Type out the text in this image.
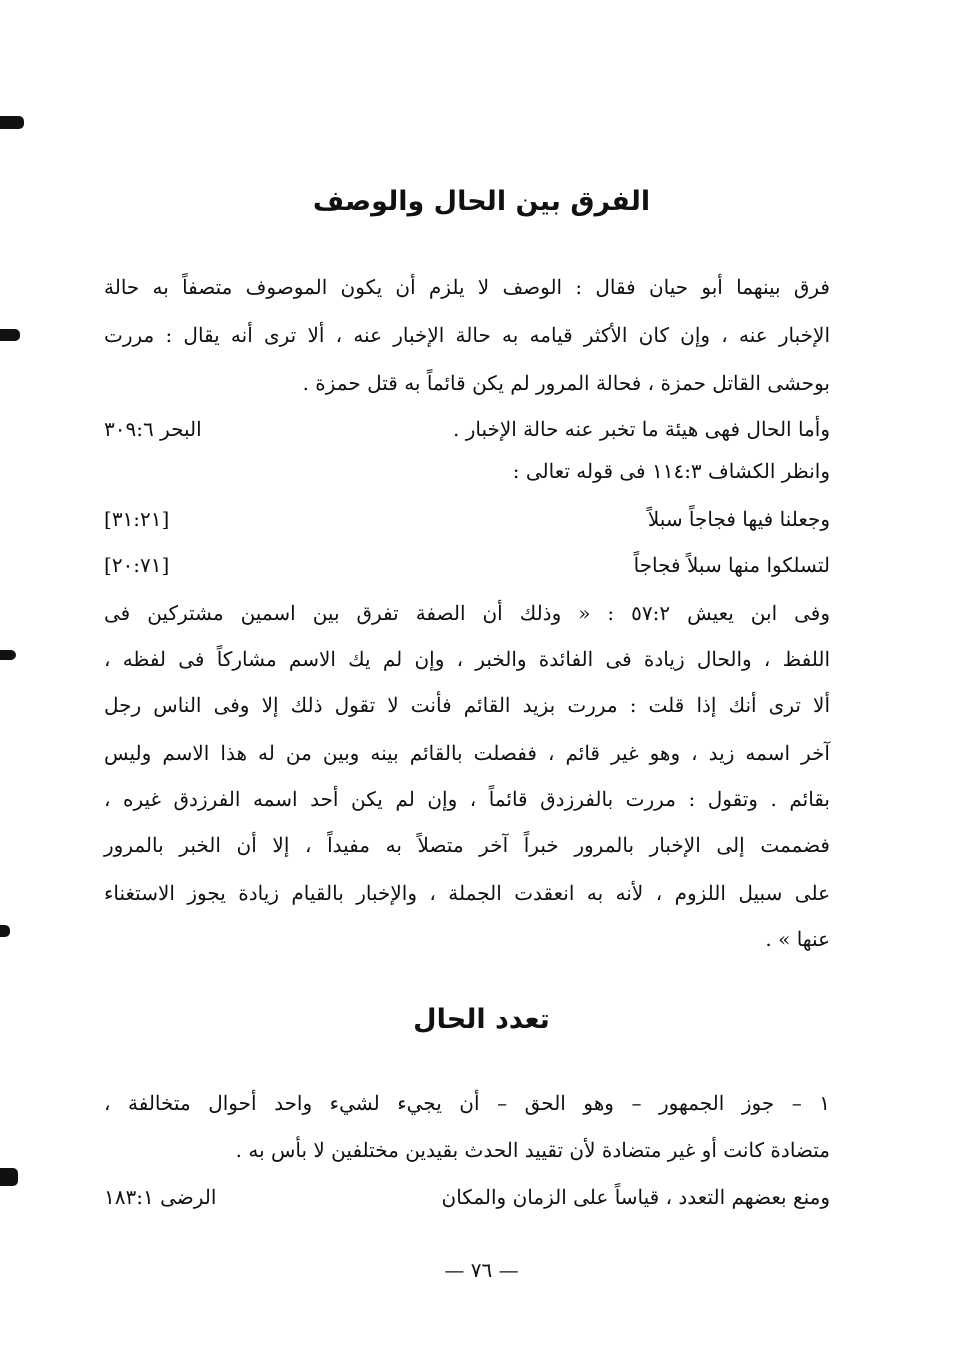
الفرق بين الحال والوصف

فرق بينهما أبو حيان فقال : الوصف لا يلزم أن يكون الموصوف متصفاً به حالة

الإخبار عنه ، وإن كان الأكثر قيامه به حالة الإخبار عنه ، ألا ترى أنه يقال : مررت

بوحشى القاتل حمزة ، فحالة المرور لم يكن قائماً به قتل حمزة .

وأما الحال فهى هيئة ما تخبر عنه حالة الإخبار .
البحر ٣٠٩:٦

وانظر الكشاف ١١٤:٣ فى قوله تعالى :

وجعلنا فيها فجاجاً سبلاً
[٣١:٢١]
لتسلكوا منها سبلاً فجاجاً
[٢٠:٧١]

وفى ابن يعيش ٥٧:٢ : « وذلك أن الصفة تفرق بين اسمين مشتركين فى

اللفظ ، والحال زيادة فى الفائدة والخبر ، وإن لم يك الاسم مشاركاً فى لفظه ،

ألا ترى أنك إذا قلت : مررت بزيد القائم فأنت لا تقول ذلك إلا وفى الناس رجل

آخر اسمه زيد ، وهو غير قائم ، ففصلت بالقائم بينه وبين من له هذا الاسم وليس

بقائم . وتقول : مررت بالفرزدق قائماً ، وإن لم يكن أحد اسمه الفرزدق غيره ،

فضممت إلى الإخبار بالمرور خبراً آخر متصلاً به مفيداً ، إلا أن الخبر بالمرور

على سبيل اللزوم ، لأنه به انعقدت الجملة ، والإخبار بالقيام زيادة يجوز الاستغناء

عنها » .

تعدد الحال

١ – جوز الجمهور – وهو الحق – أن يجيء لشيء واحد أحوال متخالفة ،

متضادة كانت أو غير متضادة لأن تقييد الحدث بقيدين مختلفين لا بأس به .

ومنع بعضهم التعدد ، قياساً على الزمان والمكان
الرضى ١٨٣:١
— ٧٦ —
